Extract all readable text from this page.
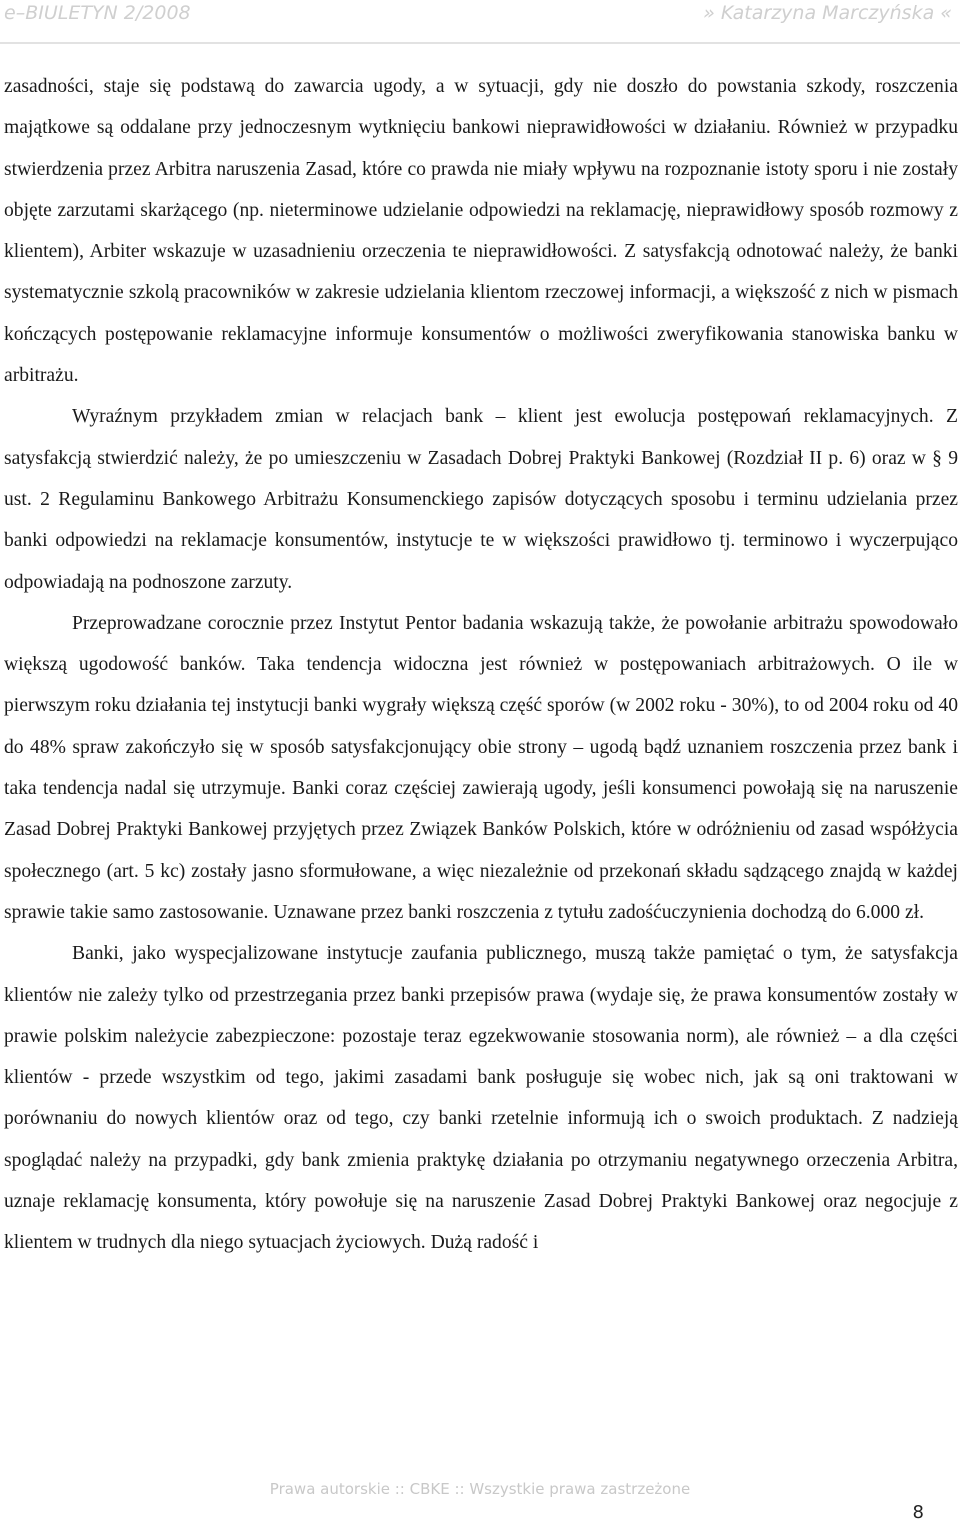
e–BIULETYN 2/2008	» Katarzyna Marczyńska «

zasadności, staje się podstawą do zawarcia ugody, a w sytuacji, gdy nie doszło do powstania szkody, roszczenia majątkowe są oddalane przy jednoczesnym wytknięciu bankowi nieprawidłowości w działaniu. Również w przypadku stwierdzenia przez Arbitra naruszenia Zasad, które co prawda nie miały wpływu na rozpoznanie istoty sporu i nie zostały objęte zarzutami skarżącego (np. nieterminowe udzielanie odpowiedzi na reklamację, nieprawidłowy sposób rozmowy z klientem), Arbiter wskazuje w uzasadnieniu orzeczenia te nieprawidłowości. Z satysfakcją odnotować należy, że banki systematycznie szkolą pracowników w zakresie udzielania klientom rzeczowej informacji, a większość z nich w pismach kończących postępowanie reklamacyjne informuje konsumentów o możliwości zweryfikowania stanowiska banku w arbitrażu.

Wyraźnym przykładem zmian w relacjach bank – klient jest ewolucja postępowań reklamacyjnych. Z satysfakcją stwierdzić należy, że po umieszczeniu w Zasadach Dobrej Praktyki Bankowej (Rozdział II p. 6) oraz w § 9 ust. 2 Regulaminu Bankowego Arbitrażu Konsumenckiego zapisów dotyczących sposobu i terminu udzielania przez banki odpowiedzi na reklamacje konsumentów, instytucje te w większości prawidłowo tj. terminowo i wyczerpująco odpowiadają na podnoszone zarzuty.

Przeprowadzane corocznie przez Instytut Pentor badania wskazują także, że powołanie arbitrażu spowodowało większą ugodowość banków. Taka tendencja widoczna jest również w postępowaniach arbitrażowych. O ile w pierwszym roku działania tej instytucji banki wygrały większą część sporów (w 2002 roku - 30%), to od 2004 roku od 40 do 48% spraw zakończyło się w sposób satysfakcjonujący obie strony – ugodą bądź uznaniem roszczenia przez bank i taka tendencja nadal się utrzymuje. Banki coraz częściej zawierają ugody, jeśli konsumenci powołają się na naruszenie Zasad Dobrej Praktyki Bankowej przyjętych przez Związek Banków Polskich, które w odróżnieniu od zasad współżycia społecznego (art. 5 kc) zostały jasno sformułowane, a więc niezależnie od przekonań składu sądzącego znajdą w każdej sprawie takie samo zastosowanie. Uznawane przez banki roszczenia z tytułu zadośćuczynienia dochodzą do 6.000 zł.

Banki, jako wyspecjalizowane instytucje zaufania publicznego, muszą także pamiętać o tym, że satysfakcja klientów nie zależy tylko od przestrzegania przez banki przepisów prawa (wydaje się, że prawa konsumentów zostały w prawie polskim należycie zabezpieczone: pozostaje teraz egzekwowanie stosowania norm), ale również – a dla części klientów - przede wszystkim od tego, jakimi zasadami bank posługuje się wobec nich, jak są oni traktowani w porównaniu do nowych klientów oraz od tego, czy banki rzetelnie informują ich o swoich produktach. Z nadzieją spoglądać należy na przypadki, gdy bank zmienia praktykę działania po otrzymaniu negatywnego orzeczenia Arbitra, uznaje reklamację konsumenta, który powołuje się na naruszenie Zasad Dobrej Praktyki Bankowej oraz negocjuje z klientem w trudnych dla niego sytuacjach życiowych. Dużą radość i

Prawa autorskie :: CBKE :: Wszystkie prawa zastrzeżone
8
